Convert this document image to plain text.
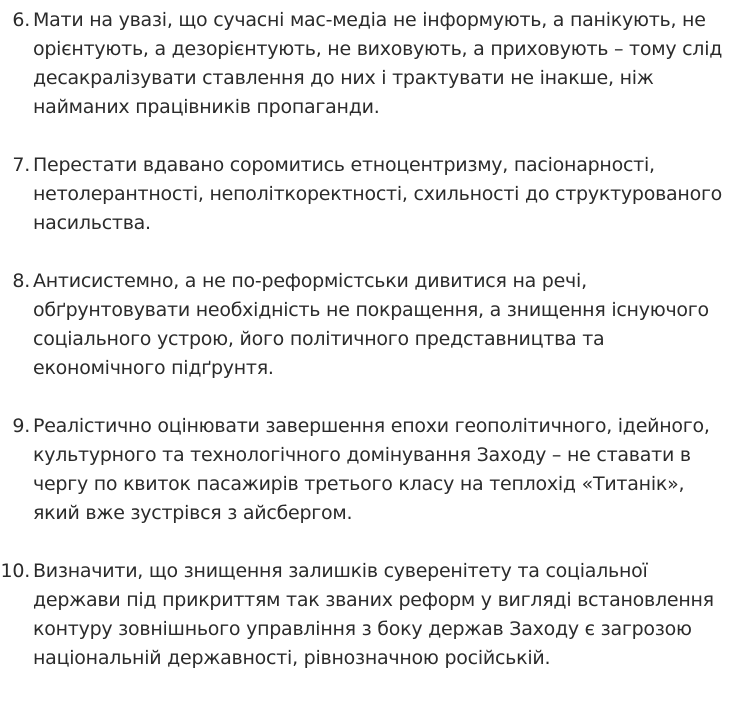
6. Мати на увазі, що сучасні мас-медіа не інформують, а панікують, не орієнтують, а дезорієнтують, не виховують, а приховують – тому слід десакралізувати ставлення до них і трактувати не інакше, ніж найманих працівників пропаганди.
7. Перестати вдавано соромитись етноцентризму, пасіонарності, нетолерантності, неполіткоректності, схильності до структурованого насильства.
8. Антисистемно, а не по-реформістськи дивитися на речі, обґрунтовувати необхідність не покращення, а знищення існуючого соціального устрою, його політичного представництва та економічного підґрунтя.
9. Реалістично оцінювати завершення епохи геополітичного, ідейного, культурного та технологічного домінування Заходу – не ставати в чергу по квиток пасажирів третього класу на теплохід «Титанік», який вже зустрівся з айсбергом.
10. Визначити, що знищення залишків суверенітету та соціальної держави під прикриттям так званих реформ у вигляді встановлення контуру зовнішнього управління з боку держав Заходу є загрозою національній державності, рівнозначною російській.
